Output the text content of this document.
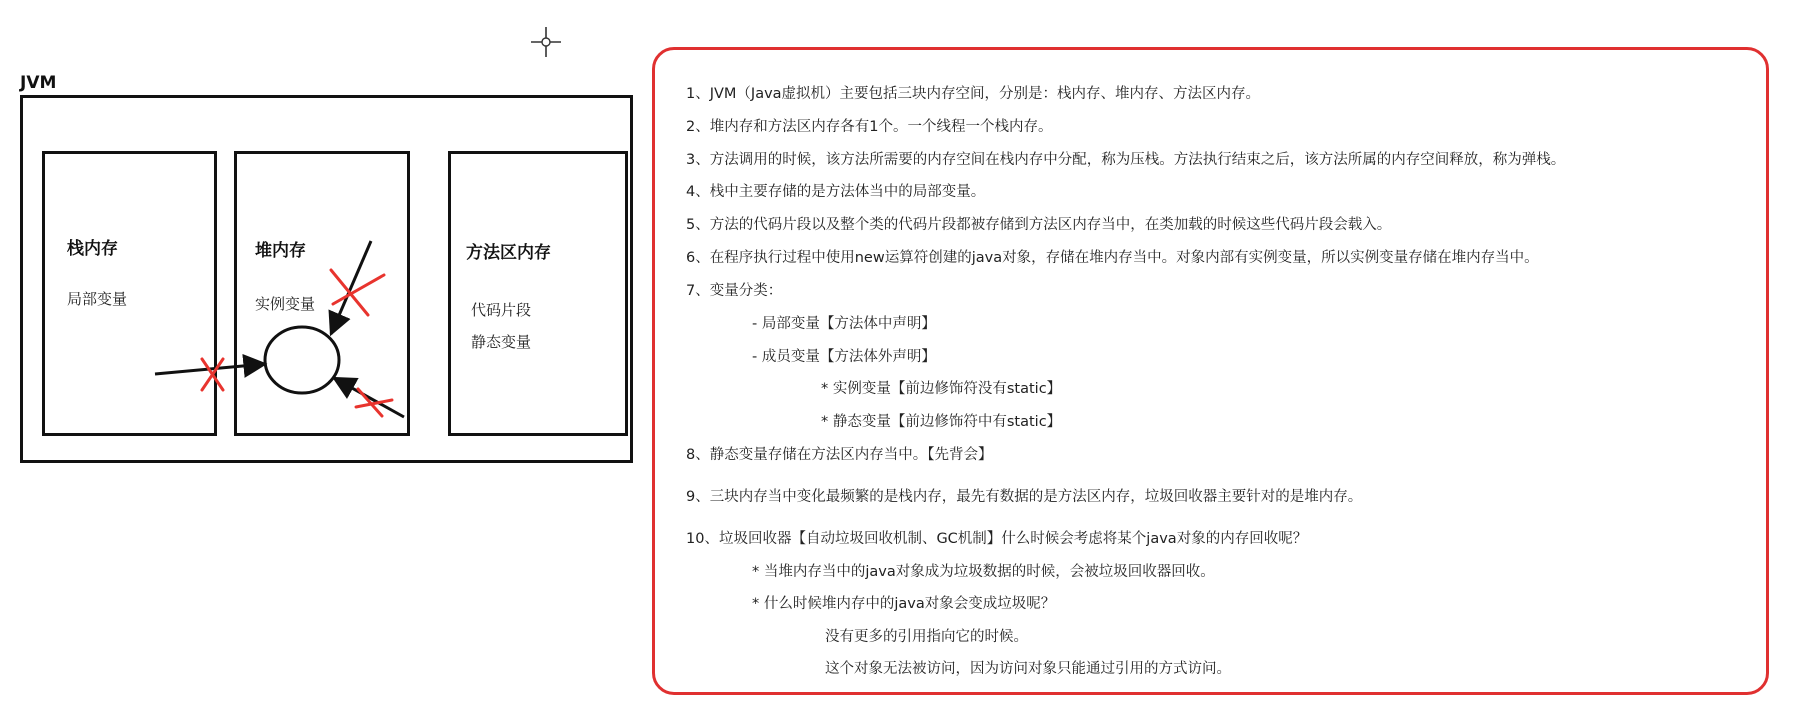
JVM
栈内存
局部变量
堆内存
实例变量
方法区内存
代码片段
静态变量
1、JVM（Java虚拟机）主要包括三块内存空间，分别是：栈内存、堆内存、方法区内存。
2、堆内存和方法区内存各有1个。一个线程一个栈内存。
3、方法调用的时候，该方法所需要的内存空间在栈内存中分配，称为压栈。方法执行结束之后，该方法所属的内存空间释放，称为弹栈。
4、栈中主要存储的是方法体当中的局部变量。
5、方法的代码片段以及整个类的代码片段都被存储到方法区内存当中，在类加载的时候这些代码片段会载入。
6、在程序执行过程中使用new运算符创建的java对象，存储在堆内存当中。对象内部有实例变量，所以实例变量存储在堆内存当中。
7、变量分类：
- 局部变量【方法体中声明】
- 成员变量【方法体外声明】
* 实例变量【前边修饰符没有static】
* 静态变量【前边修饰符中有static】
8、静态变量存储在方法区内存当中。【先背会】
9、三块内存当中变化最频繁的是栈内存，最先有数据的是方法区内存，垃圾回收器主要针对的是堆内存。
10、垃圾回收器【自动垃圾回收机制、GC机制】什么时候会考虑将某个java对象的内存回收呢？
* 当堆内存当中的java对象成为垃圾数据的时候，会被垃圾回收器回收。
* 什么时候堆内存中的java对象会变成垃圾呢？
没有更多的引用指向它的时候。
这个对象无法被访问，因为访问对象只能通过引用的方式访问。
